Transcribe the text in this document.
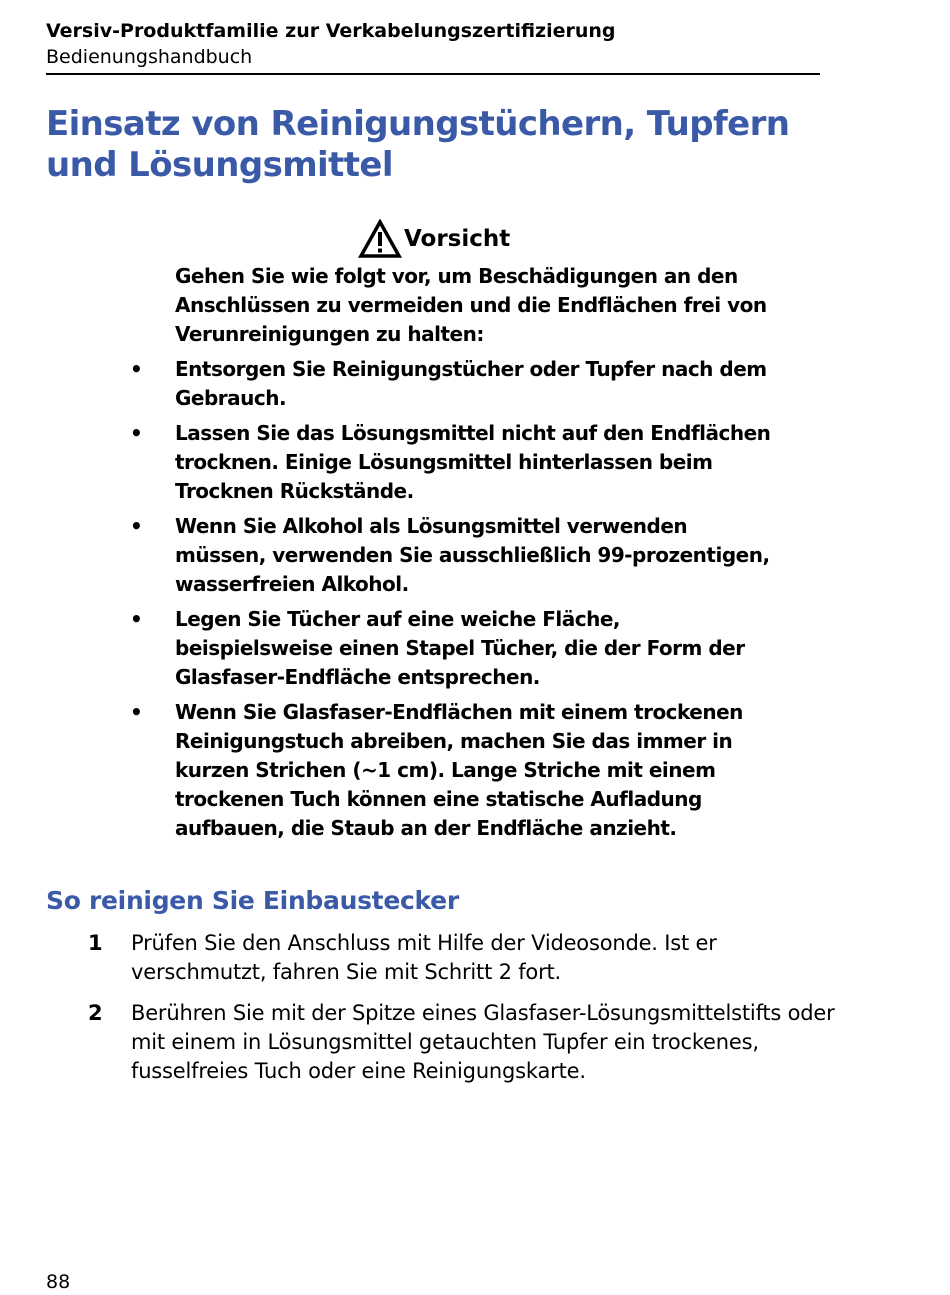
Versiv-Produktfamilie zur Verkabelungszertifizierung
Bedienungshandbuch
Einsatz von Reinigungstüchern, Tupfern und Lösungsmittel
Vorsicht

Gehen Sie wie folgt vor, um Beschädigungen an den Anschlüssen zu vermeiden und die Endflächen frei von Verunreinigungen zu halten:

• Entsorgen Sie Reinigungstücher oder Tupfer nach dem Gebrauch.
• Lassen Sie das Lösungsmittel nicht auf den Endflächen trocknen. Einige Lösungsmittel hinterlassen beim Trocknen Rückstände.
• Wenn Sie Alkohol als Lösungsmittel verwenden müssen, verwenden Sie ausschließlich 99-prozentigen, wasserfreien Alkohol.
• Legen Sie Tücher auf eine weiche Fläche, beispielsweise einen Stapel Tücher, die der Form der Glasfaser-Endfläche entsprechen.
• Wenn Sie Glasfaser-Endflächen mit einem trockenen Reinigungstuch abreiben, machen Sie das immer in kurzen Strichen (~1 cm). Lange Striche mit einem trockenen Tuch können eine statische Aufladung aufbauen, die Staub an der Endfläche anzieht.
So reinigen Sie Einbaustecker
1 Prüfen Sie den Anschluss mit Hilfe der Videosonde. Ist er verschmutzt, fahren Sie mit Schritt 2 fort.
2 Berühren Sie mit der Spitze eines Glasfaser-Lösungsmittelstifts oder mit einem in Lösungsmittel getauchten Tupfer ein trockenes, fusselfreies Tuch oder eine Reinigungskarte.
88
